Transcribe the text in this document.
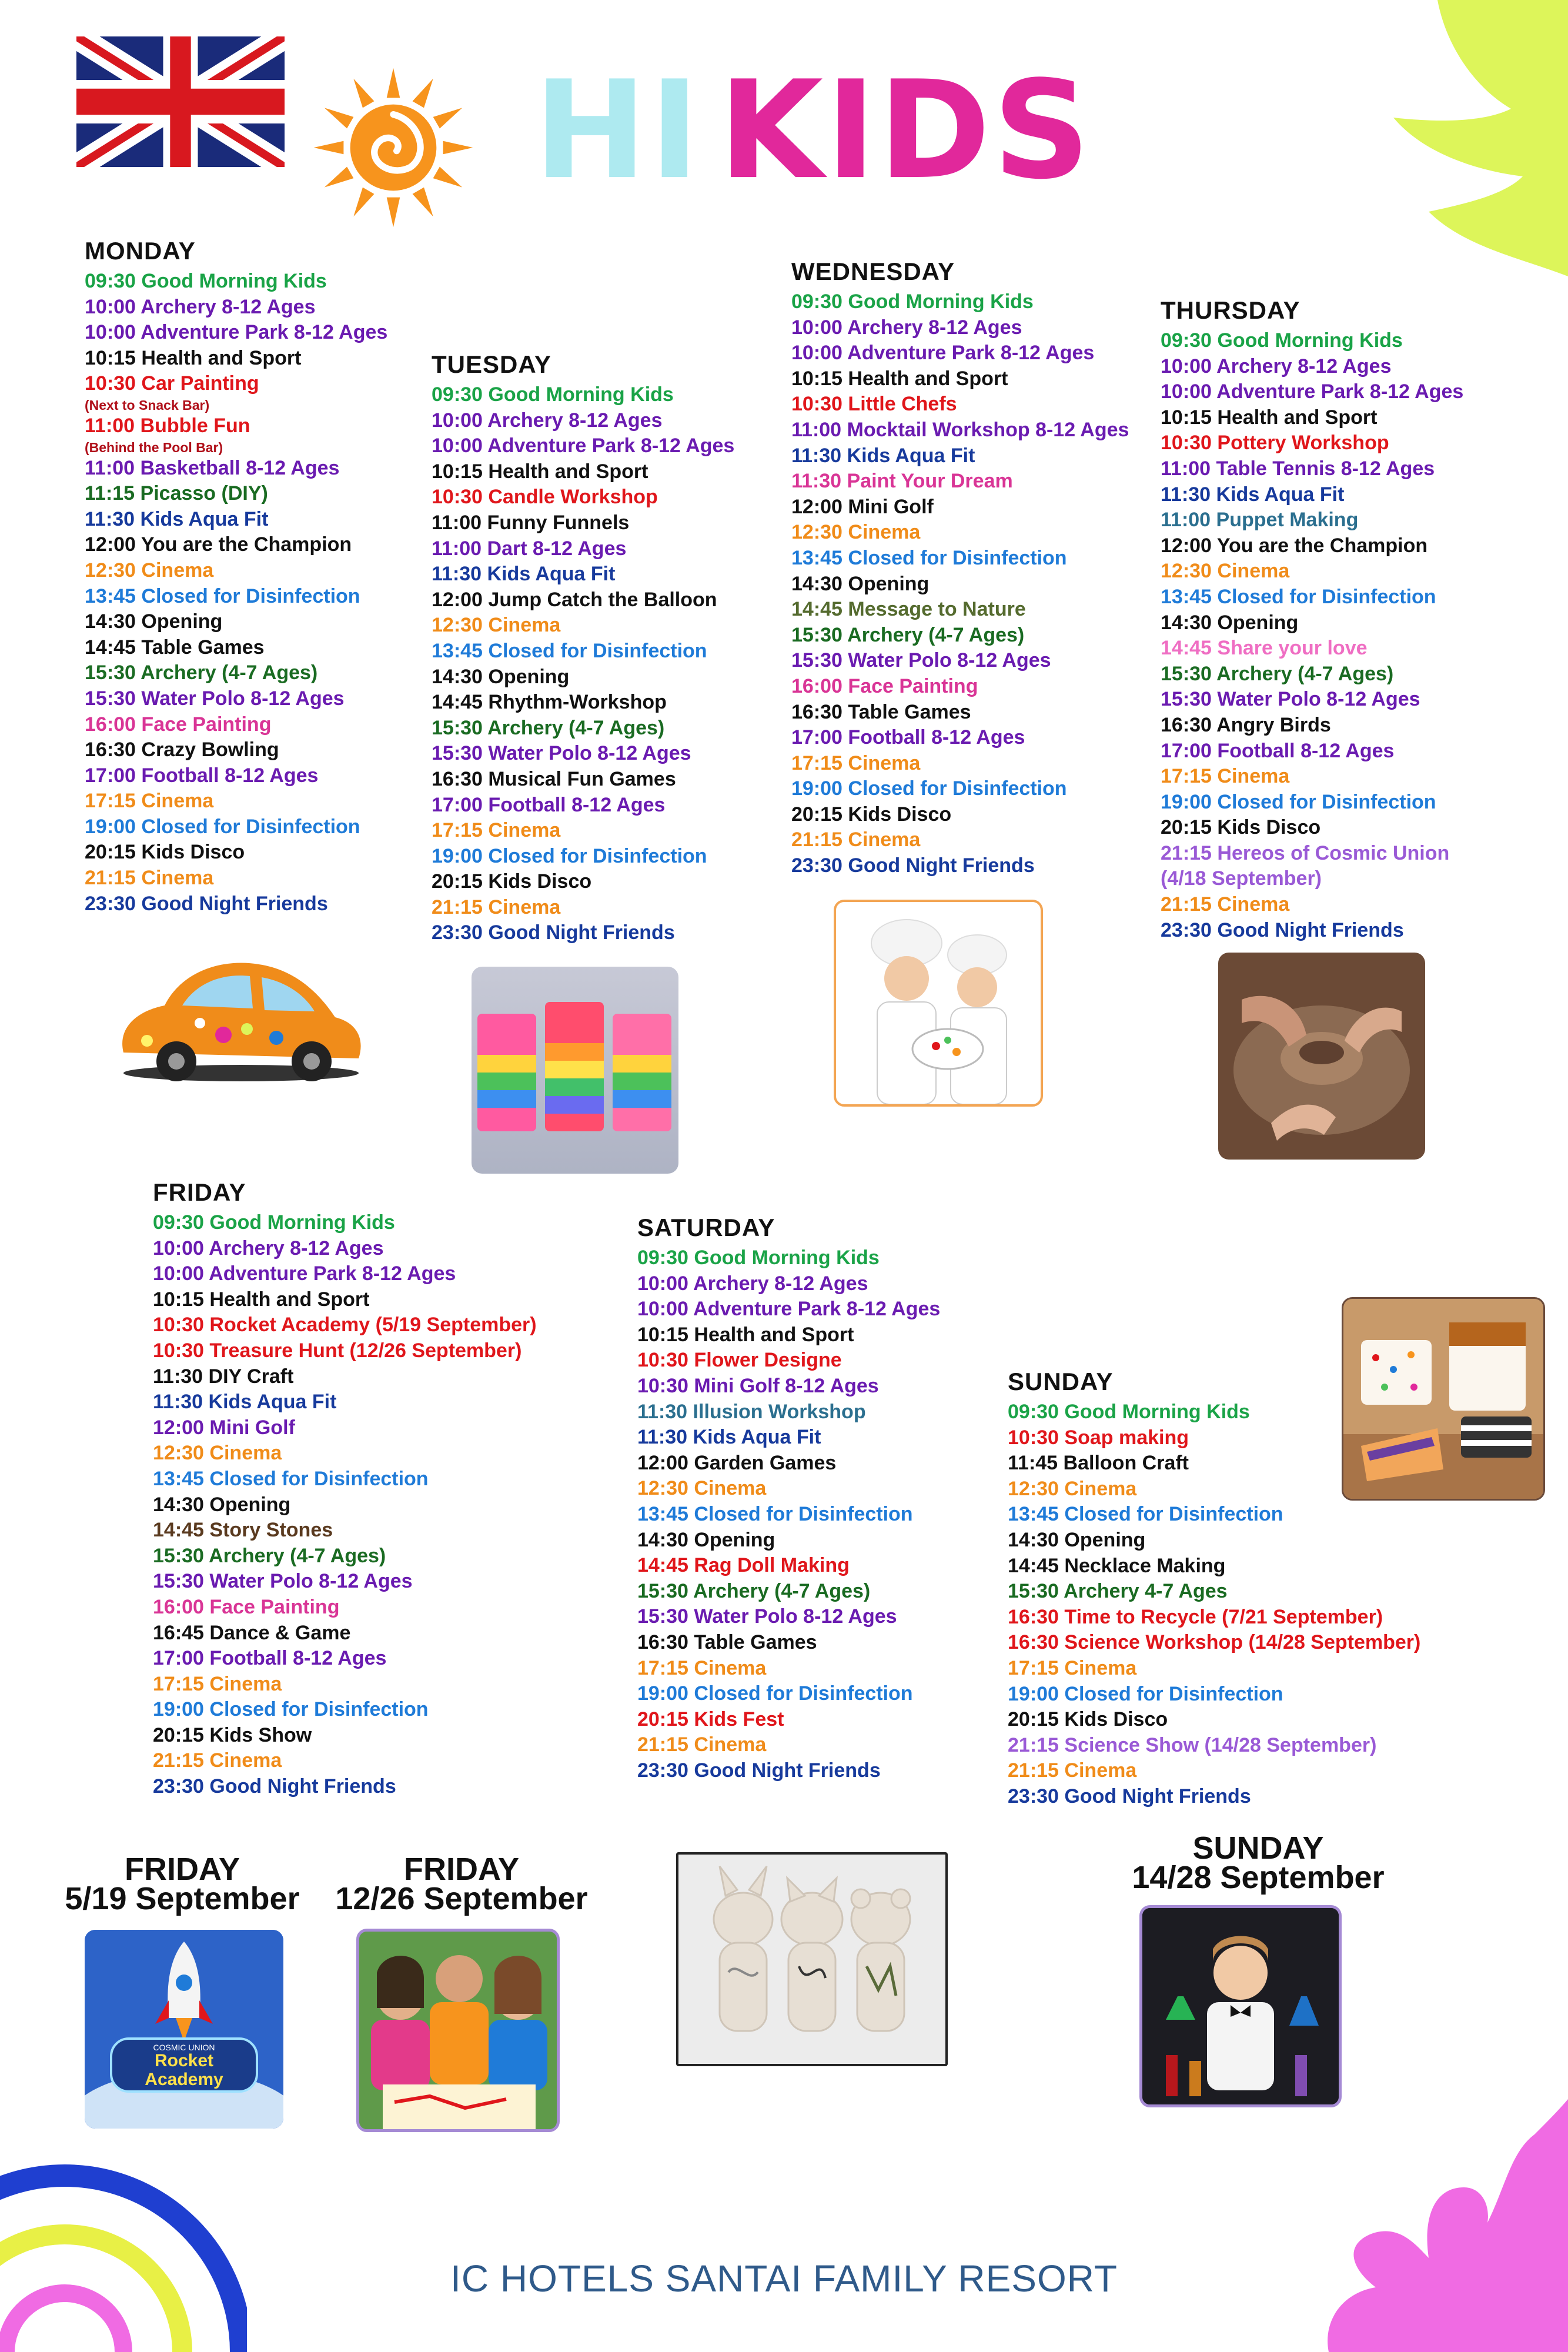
HI KIDS
MONDAY
09:30 Good Morning Kids
10:00 Archery 8-12 Ages
10:00 Adventure Park 8-12 Ages
10:15 Health and Sport
10:30 Car Painting
(Next to Snack Bar)
11:00 Bubble Fun
(Behind the Pool Bar)
11:00 Basketball 8-12 Ages
11:15 Picasso (DIY)
11:30 Kids Aqua Fit
12:00 You are the Champion
12:30 Cinema
13:45 Closed for Disinfection
14:30 Opening
14:45 Table Games
15:30 Archery (4-7 Ages)
15:30 Water Polo 8-12 Ages
16:00 Face Painting
16:30 Crazy Bowling
17:00 Football 8-12 Ages
17:15 Cinema
19:00 Closed for Disinfection
20:15 Kids Disco
21:15 Cinema
23:30 Good Night Friends
TUESDAY
09:30 Good Morning Kids
10:00 Archery 8-12 Ages
10:00 Adventure Park 8-12 Ages
10:15 Health and Sport
10:30 Candle Workshop
11:00 Funny Funnels
11:00 Dart 8-12 Ages
11:30 Kids Aqua Fit
12:00 Jump Catch the Balloon
12:30 Cinema
13:45 Closed for Disinfection
14:30 Opening
14:45 Rhythm-Workshop
15:30 Archery (4-7 Ages)
15:30 Water Polo 8-12 Ages
16:30 Musical Fun Games
17:00 Football 8-12 Ages
17:15 Cinema
19:00 Closed for Disinfection
20:15 Kids Disco
21:15 Cinema
23:30 Good Night Friends
WEDNESDAY
09:30 Good Morning Kids
10:00 Archery 8-12 Ages
10:00 Adventure Park 8-12 Ages
10:15 Health and Sport
10:30 Little Chefs
11:00 Mocktail Workshop 8-12 Ages
11:30 Kids Aqua Fit
11:30 Paint Your Dream
12:00 Mini Golf
12:30 Cinema
13:45 Closed for Disinfection
14:30 Opening
14:45 Message to Nature
15:30 Archery (4-7 Ages)
15:30 Water Polo 8-12 Ages
16:00 Face Painting
16:30 Table Games
17:00 Football 8-12 Ages
17:15 Cinema
19:00 Closed for Disinfection
20:15 Kids Disco
21:15 Cinema
23:30 Good Night Friends
THURSDAY
09:30 Good Morning Kids
10:00 Archery 8-12 Ages
10:00 Adventure Park 8-12 Ages
10:15 Health and Sport
10:30 Pottery Workshop
11:00 Table Tennis 8-12 Ages
11:30 Kids Aqua Fit
11:00 Puppet Making
12:00 You are the Champion
12:30 Cinema
13:45 Closed for Disinfection
14:30 Opening
14:45 Share your love
15:30 Archery (4-7 Ages)
15:30 Water Polo 8-12 Ages
16:30 Angry Birds
17:00 Football 8-12 Ages
17:15 Cinema
19:00 Closed for Disinfection
20:15 Kids Disco
21:15 Hereos of Cosmic Union
(4/18 September)
21:15 Cinema
23:30 Good Night Friends
FRIDAY
09:30 Good Morning Kids
10:00 Archery 8-12 Ages
10:00 Adventure Park 8-12 Ages
10:15 Health and Sport
10:30 Rocket Academy (5/19 September)
10:30 Treasure Hunt (12/26 September)
11:30 DIY Craft
11:30 Kids Aqua Fit
12:00 Mini Golf
12:30 Cinema
13:45 Closed for Disinfection
14:30 Opening
14:45 Story Stones
15:30 Archery (4-7 Ages)
15:30 Water Polo 8-12 Ages
16:00 Face Painting
16:45 Dance & Game
17:00 Football 8-12 Ages
17:15 Cinema
19:00 Closed for Disinfection
20:15 Kids Show
21:15 Cinema
23:30 Good Night Friends
SATURDAY
09:30 Good Morning Kids
10:00 Archery 8-12 Ages
10:00 Adventure Park 8-12 Ages
10:15 Health and Sport
10:30 Flower Designe
10:30 Mini Golf 8-12 Ages
11:30 Illusion Workshop
11:30 Kids Aqua Fit
12:00 Garden Games
12:30 Cinema
13:45 Closed for Disinfection
14:30 Opening
14:45 Rag Doll Making
15:30 Archery (4-7 Ages)
15:30 Water Polo 8-12 Ages
16:30 Table Games
17:15 Cinema
19:00 Closed for Disinfection
20:15 Kids Fest
21:15 Cinema
23:30 Good Night Friends
SUNDAY
09:30 Good Morning Kids
10:30 Soap making
11:45 Balloon Craft
12:30 Cinema
13:45 Closed for Disinfection
14:30 Opening
14:45 Necklace Making
15:30 Archery 4-7 Ages
16:30 Time to Recycle (7/21 September)
16:30 Science Workshop (14/28 September)
17:15 Cinema
19:00 Closed for Disinfection
20:15 Kids Disco
21:15 Science Show (14/28 September)
21:15 Cinema
23:30 Good Night Friends
FRIDAY
5/19 September
FRIDAY
12/26 September
SUNDAY
14/28 September
COSMIC UNION
Rocket
Academy
IC HOTELS SANTAI FAMILY RESORT
